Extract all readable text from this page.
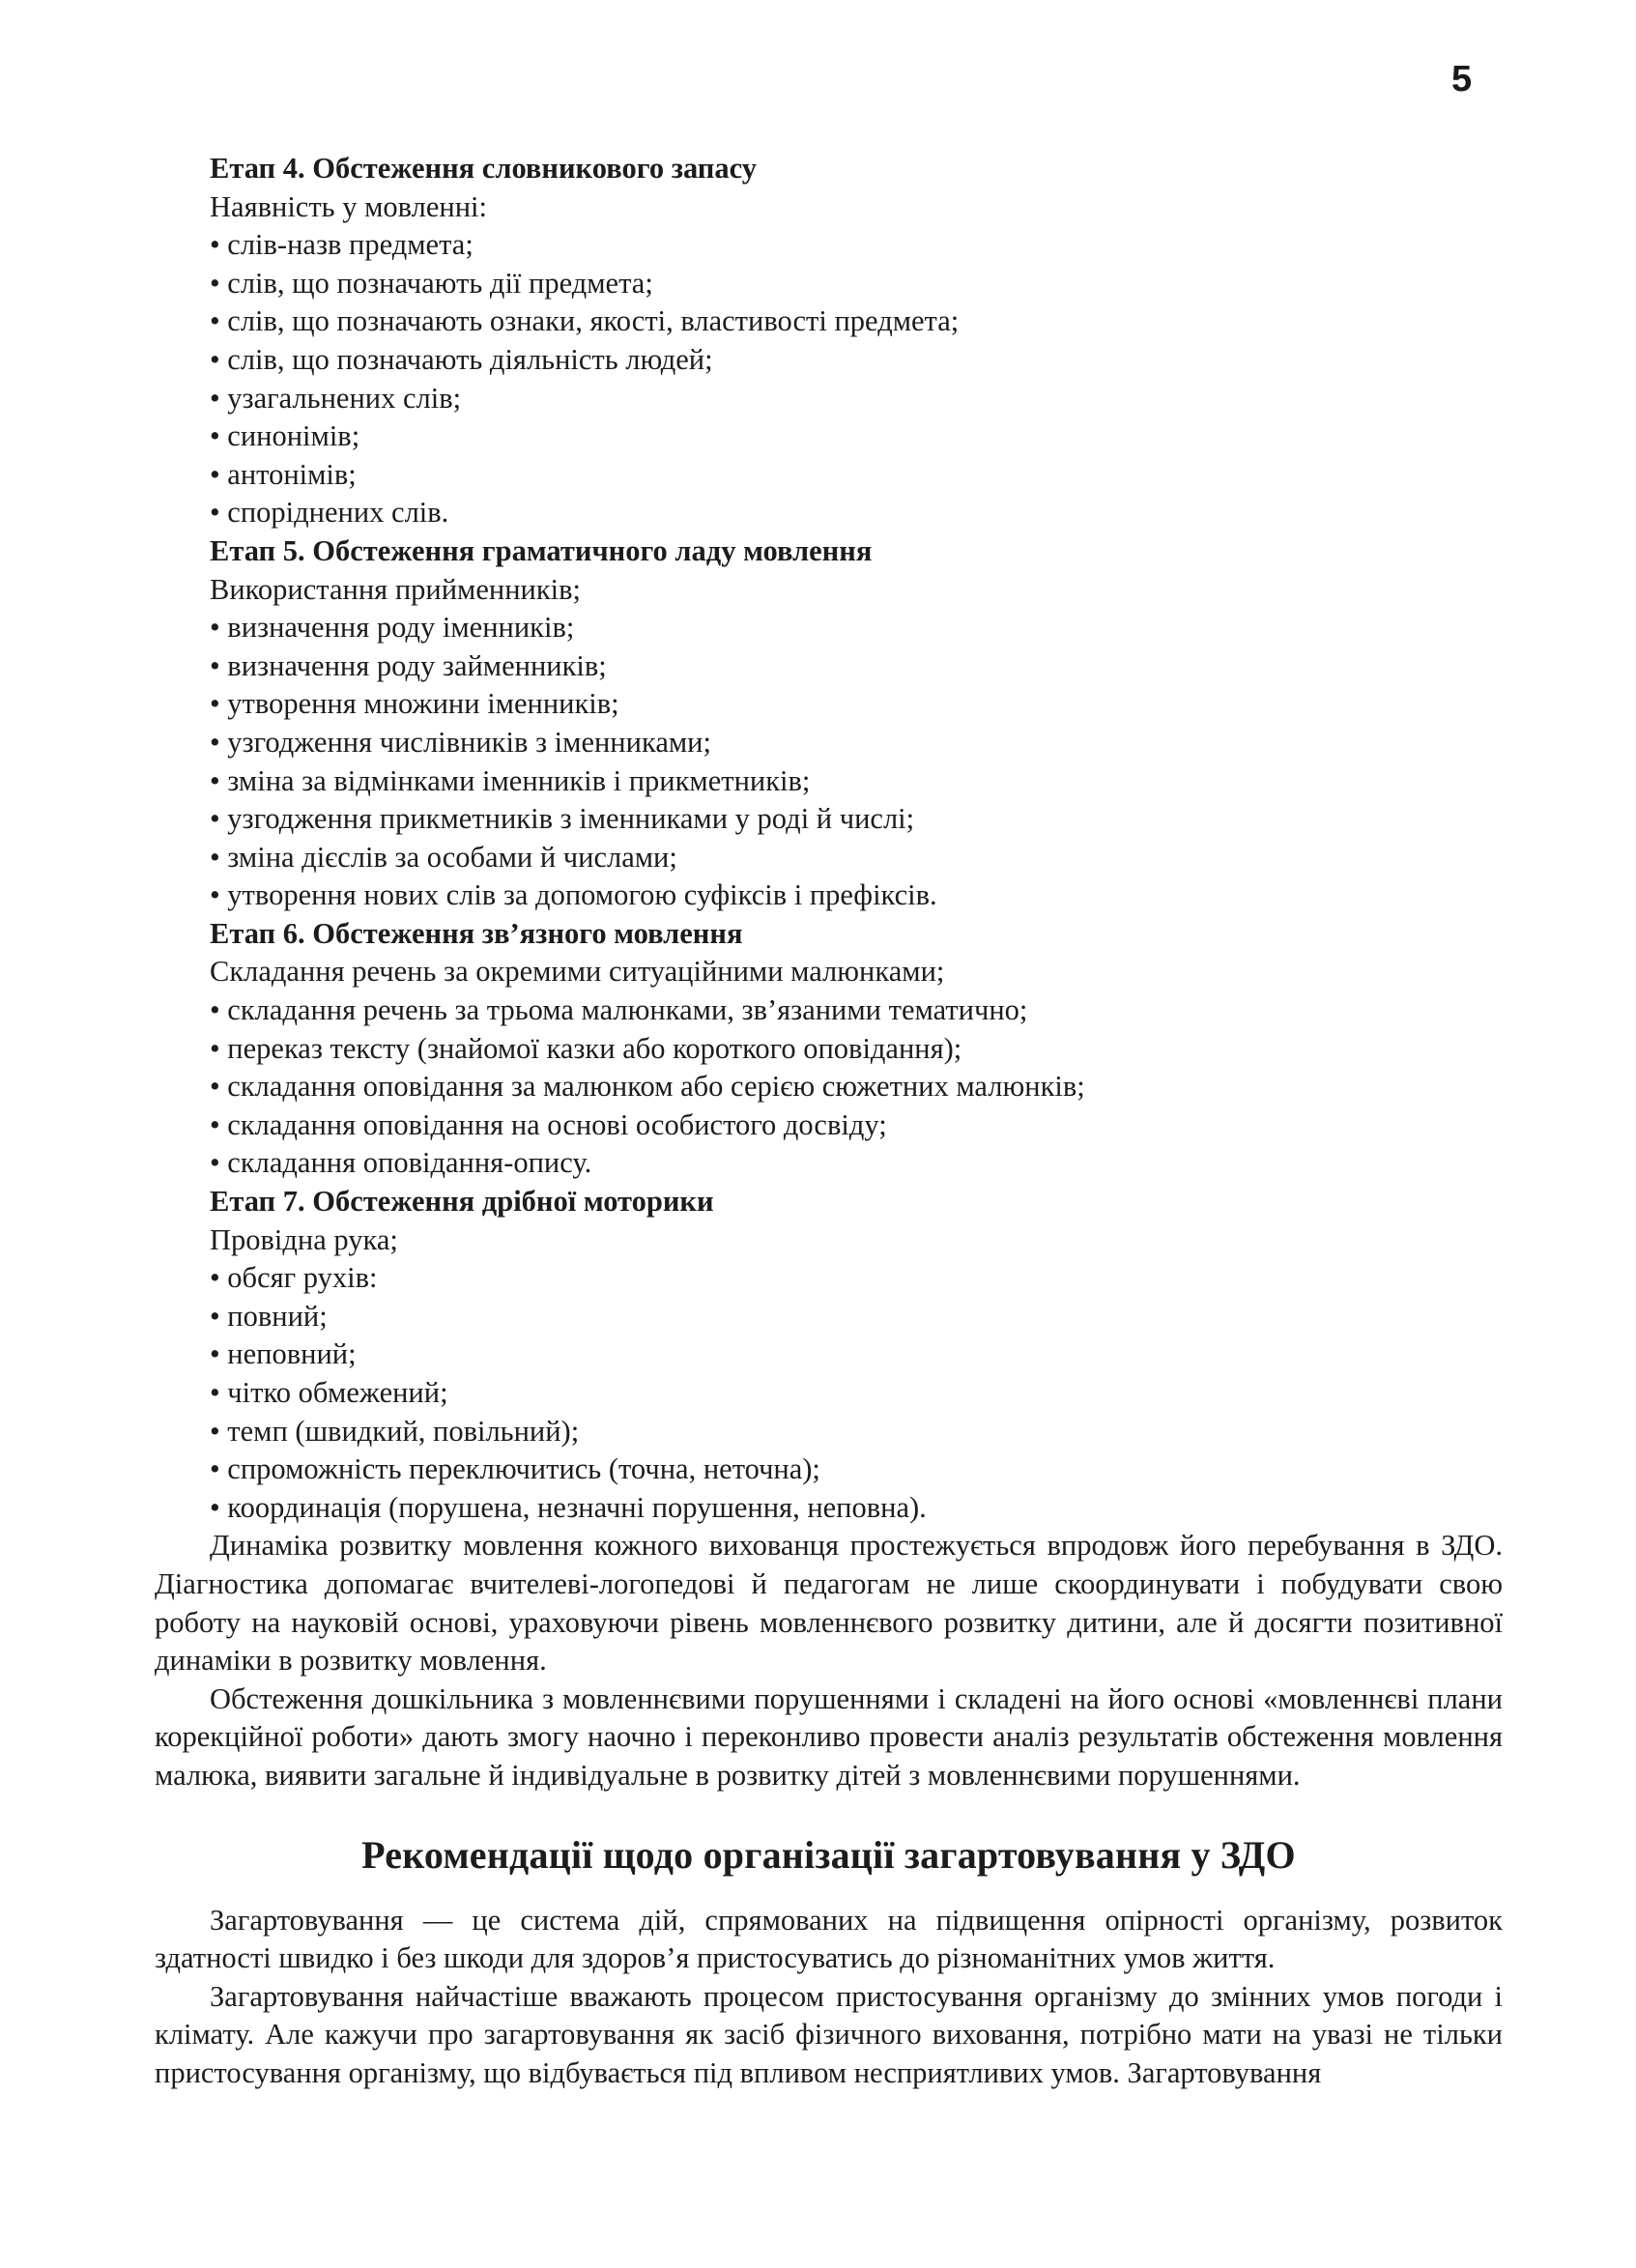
5

Етап 4. Обстеження словникового запасу

Наявність у мовленні:

• слів-назв предмета;

• слів, що позначають дії предмета;

• слів, що позначають ознаки, якості, властивості предмета;

• слів, що позначають діяльність людей;

• узагальнених слів;

• синонімів;

• антонімів;

• споріднених слів.

Етап 5. Обстеження граматичного ладу мовлення

Використання прийменників;

• визначення роду іменників;

• визначення роду займенників;

• утворення множини іменників;

• узгодження числівників з іменниками;

• зміна за відмінками іменників і прикметників;

• узгодження прикметників з іменниками у роді й числі;

• зміна дієслів за особами й числами;

• утворення нових слів за допомогою суфіксів і префіксів.

Етап 6. Обстеження зв’язного мовлення

Складання речень за окремими ситуаційними малюнками;

• складання речень за трьома малюнками, зв’язаними тематично;

• переказ тексту (знайомої казки або короткого оповідання);

• складання оповідання за малюнком або серією сюжетних малюнків;

• складання оповідання на основі особистого досвіду;

• складання оповідання-опису.

Етап 7. Обстеження дрібної моторики

Провідна рука;

• обсяг рухів:

• повний;

• неповний;

• чітко обмежений;

• темп (швидкий, повільний);

• спроможність переключитись (точна, неточна);

• координація (порушена, незначні порушення, неповна).

Динаміка розвитку мовлення кожного вихованця простежується впродовж його перебування в ЗДО. Діагностика допомагає вчителеві-логопедові й педагогам не лише скоординувати і побудувати свою роботу на науковій основі, ураховуючи рівень мовленнєвого розвитку дитини, але й досягти позитивної динаміки в розвитку мовлення.

Обстеження дошкільника з мовленнєвими порушеннями і складені на його основі «мовленнєві плани корекційної роботи» дають змогу наочно і переконливо провести аналіз результатів обстеження мовлення малюка, виявити загальне й індивідуальне в розвитку дітей з мовленнєвими порушеннями.

Рекомендації щодо організації загартовування у ЗДО

Загартовування — це система дій, спрямованих на підвищення опірності організму, розвиток здатності швидко і без шкоди для здоров’я пристосуватись до різноманітних умов життя.

Загартовування найчастіше вважають процесом пристосування організму до змінних умов погоди і клімату. Але кажучи про загартовування як засіб фізичного виховання, потрібно мати на увазі не тільки пристосування організму, що відбувається під впливом несприятливих умов. Загартовування
